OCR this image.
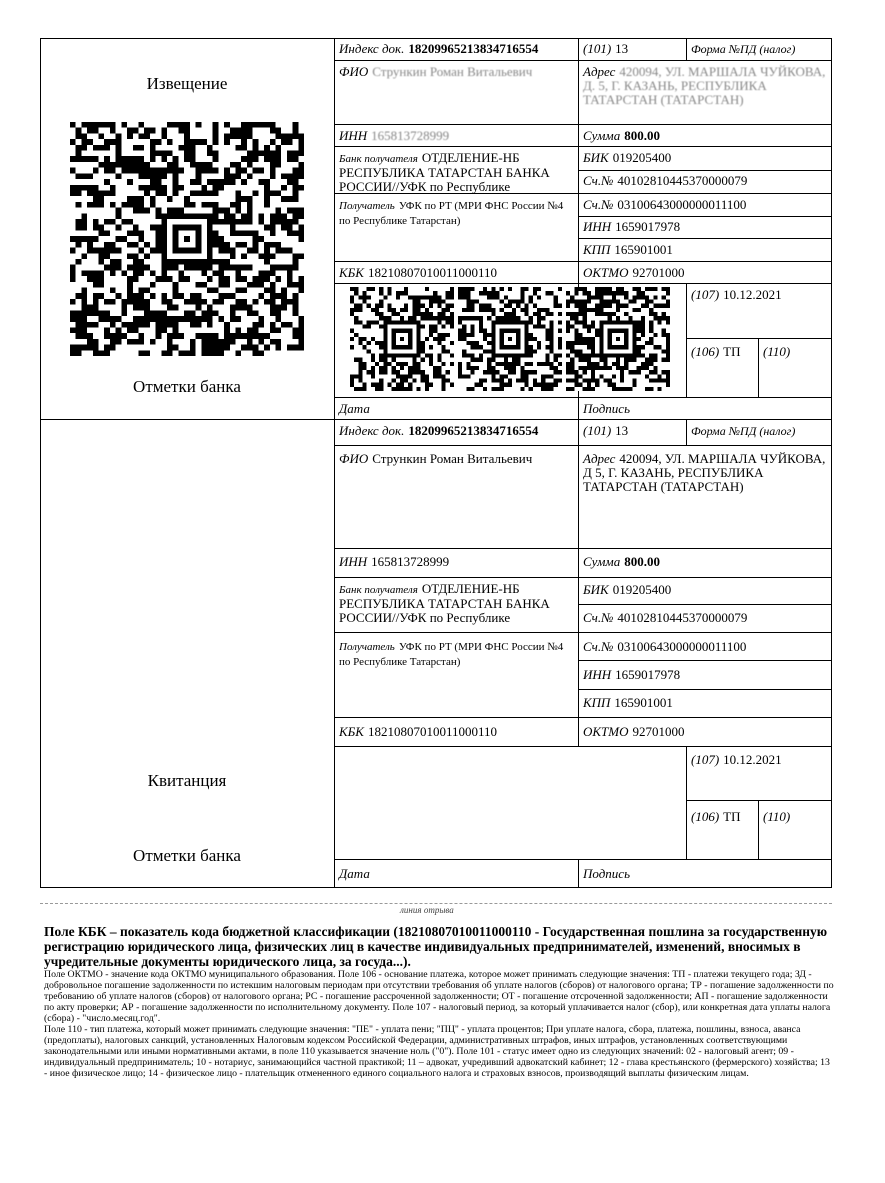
Извещение
Отметки банка
Квитанция
Отметки банка
Индекс док. 18209965213834716554	(101) 13	Форма №ПД (налог)
ФИО Стрункин Роман Витальевич	Адрес 420094, УЛ. МАРШАЛА ЧУЙКОВА, Д. 5, Г. КАЗАНЬ, РЕСПУБЛИКА ТАТАРСТАН (ТАТАРСТАН)
ИНН 165813728999	Сумма 800.00
Банк получателя ОТДЕЛЕНИЕ-НБ РЕСПУБЛИКА ТАТАРСТАН БАНКА РОССИИ//УФК по Республике
БИК 019205400
Сч.№ 40102810445370000079
Получатель УФК по РТ (МРИ ФНС России №4 по Республике Татарстан)
Сч.№ 03100643000000011100
ИНН 1659017978
КПП 165901001
КБК 18210807010011000110	ОКТМО 92701000
(107) 10.12.2021
(106) ТП	(110)
Дата	Подпись
Индекс док. 18209965213834716554	(101) 13	Форма №ПД (налог)
ФИО Стрункин Роман Витальевич	Адрес 420094, УЛ. МАРШАЛА ЧУЙКОВА, Д 5, Г. КАЗАНЬ, РЕСПУБЛИКА ТАТАРСТАН (ТАТАРСТАН)
ИНН 165813728999	Сумма 800.00
Банк получателя ОТДЕЛЕНИЕ-НБ РЕСПУБЛИКА ТАТАРСТАН БАНКА РОССИИ//УФК по Республике
БИК 019205400
Сч.№ 40102810445370000079
Получатель УФК по РТ (МРИ ФНС России №4 по Республике Татарстан)
Сч.№ 03100643000000011100
ИНН 1659017978
КПП 165901001
КБК 18210807010011000110	ОКТМО 92701000
(107) 10.12.2021
(106) ТП	(110)
Дата	Подпись
линия отрыва
Поле КБК – показатель кода бюджетной классификации (18210807010011000110 - Государственная пошлина за государственную регистрацию юридического лица, физических лиц в качестве индивидуальных предпринимателей, изменений, вносимых в учредительные документы юридического лица, за госуда...).
Поле ОКТМО - значение кода ОКТМО муниципального образования. Поле 106 - основание платежа, которое может принимать следующие значения: ТП - платежи текущего года; ЗД - добровольное погашение задолженности по истекшим налоговым периодам при отсутствии требования об уплате налогов (сборов) от налогового органа; ТР - погашение задолженности по требованию об уплате налогов (сборов) от налогового органа; РС - погашение рассроченной задолженности; ОТ - погашение отсроченной задолженности; АП - погашение задолженности по акту проверки; АР - погашение задолженности по исполнительному документу. Поле 107 - налоговый период, за который уплачивается налог (сбор), или конкретная дата уплаты налога (сбора) - "число.месяц.год".
Поле 110 - тип платежа, который может принимать следующие значения: "ПЕ" - уплата пени; "ПЦ" - уплата процентов; При уплате налога, сбора, платежа, пошлины, взноса, аванса (предоплаты), налоговых санкций, установленных Налоговым кодексом Российской Федерации, административных штрафов, иных штрафов, установленных соответствующими законодательными или иными нормативными актами, в поле 110 указывается значение ноль ("0"). Поле 101 - статус имеет одно из следующих значений: 02 - налоговый агент; 09 - индивидуальный предприниматель; 10 - нотариус, занимающийся частной практикой; 11 – адвокат, учредивший адвокатский кабинет; 12 - глава крестьянского (фермерского) хозяйства; 13 - иное физическое лицо; 14 - физическое лицо - плательщик отмененного единого социального налога и страховых взносов, производящий выплаты физическим лицам.
